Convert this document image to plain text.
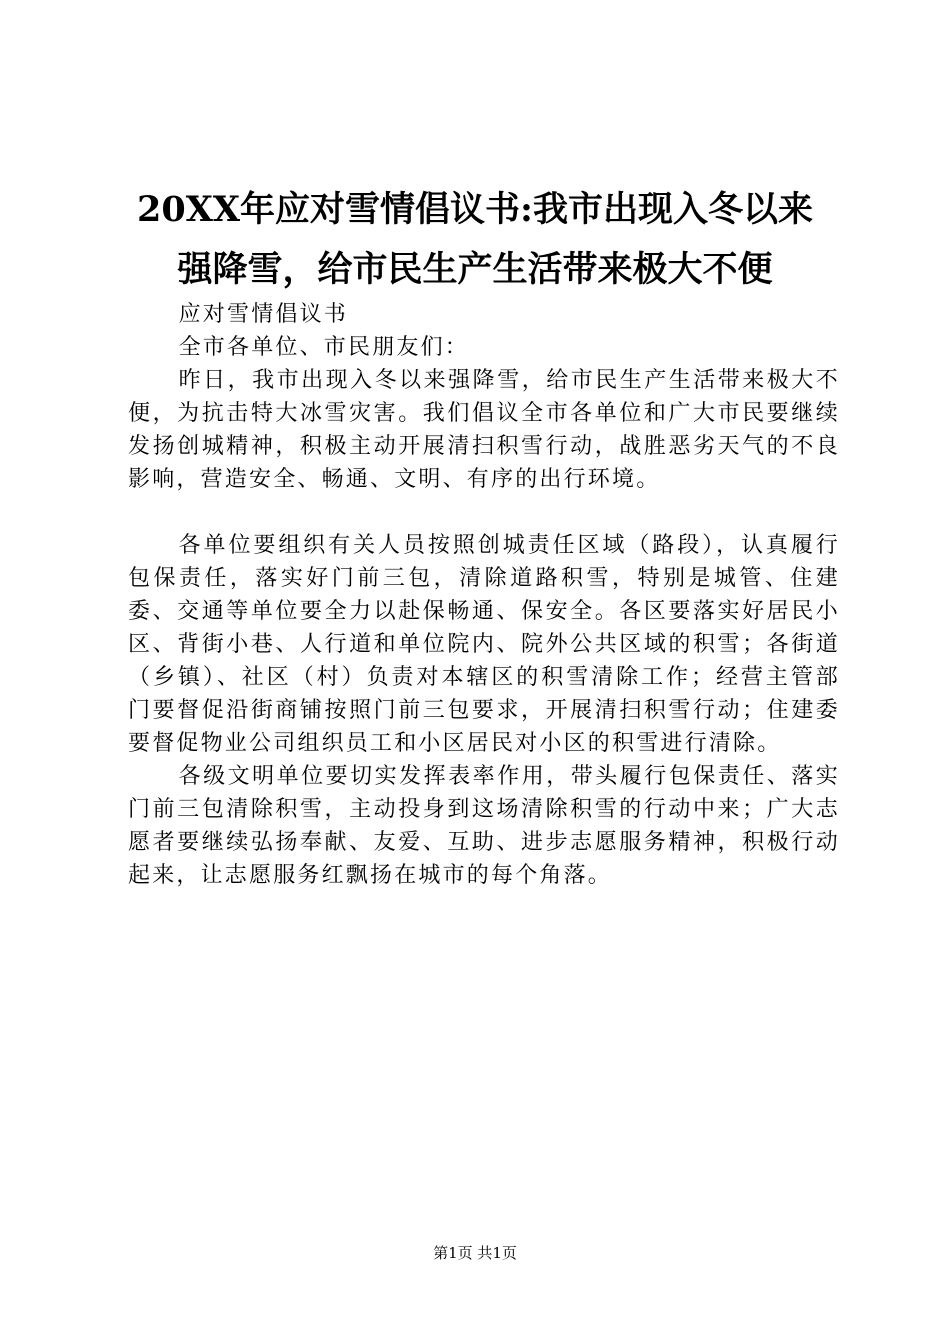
20XX年应对雪情倡议书:我市出现入冬以来强降雪，给市民生产生活带来极大不便

应对雪情倡议书

全市各单位、市民朋友们：

昨日，我市出现入冬以来强降雪，给市民生产生活带来极大不便，为抗击特大冰雪灾害。我们倡议全市各单位和广大市民要继续发扬创城精神，积极主动开展清扫积雪行动，战胜恶劣天气的不良影响，营造安全、畅通、文明、有序的出行环境。

各单位要组织有关人员按照创城责任区域（路段），认真履行包保责任，落实好门前三包，清除道路积雪，特别是城管、住建委、交通等单位要全力以赴保畅通、保安全。各区要落实好居民小区、背街小巷、人行道和单位院内、院外公共区域的积雪；各街道（乡镇）、社区（村）负责对本辖区的积雪清除工作；经营主管部门要督促沿街商铺按照门前三包要求，开展清扫积雪行动；住建委要督促物业公司组织员工和小区居民对小区的积雪进行清除。

各级文明单位要切实发挥表率作用，带头履行包保责任、落实门前三包清除积雪，主动投身到这场清除积雪的行动中来；广大志愿者要继续弘扬奉献、友爱、互助、进步志愿服务精神，积极行动起来，让志愿服务红飘扬在城市的每个角落。

第1页 共1页
